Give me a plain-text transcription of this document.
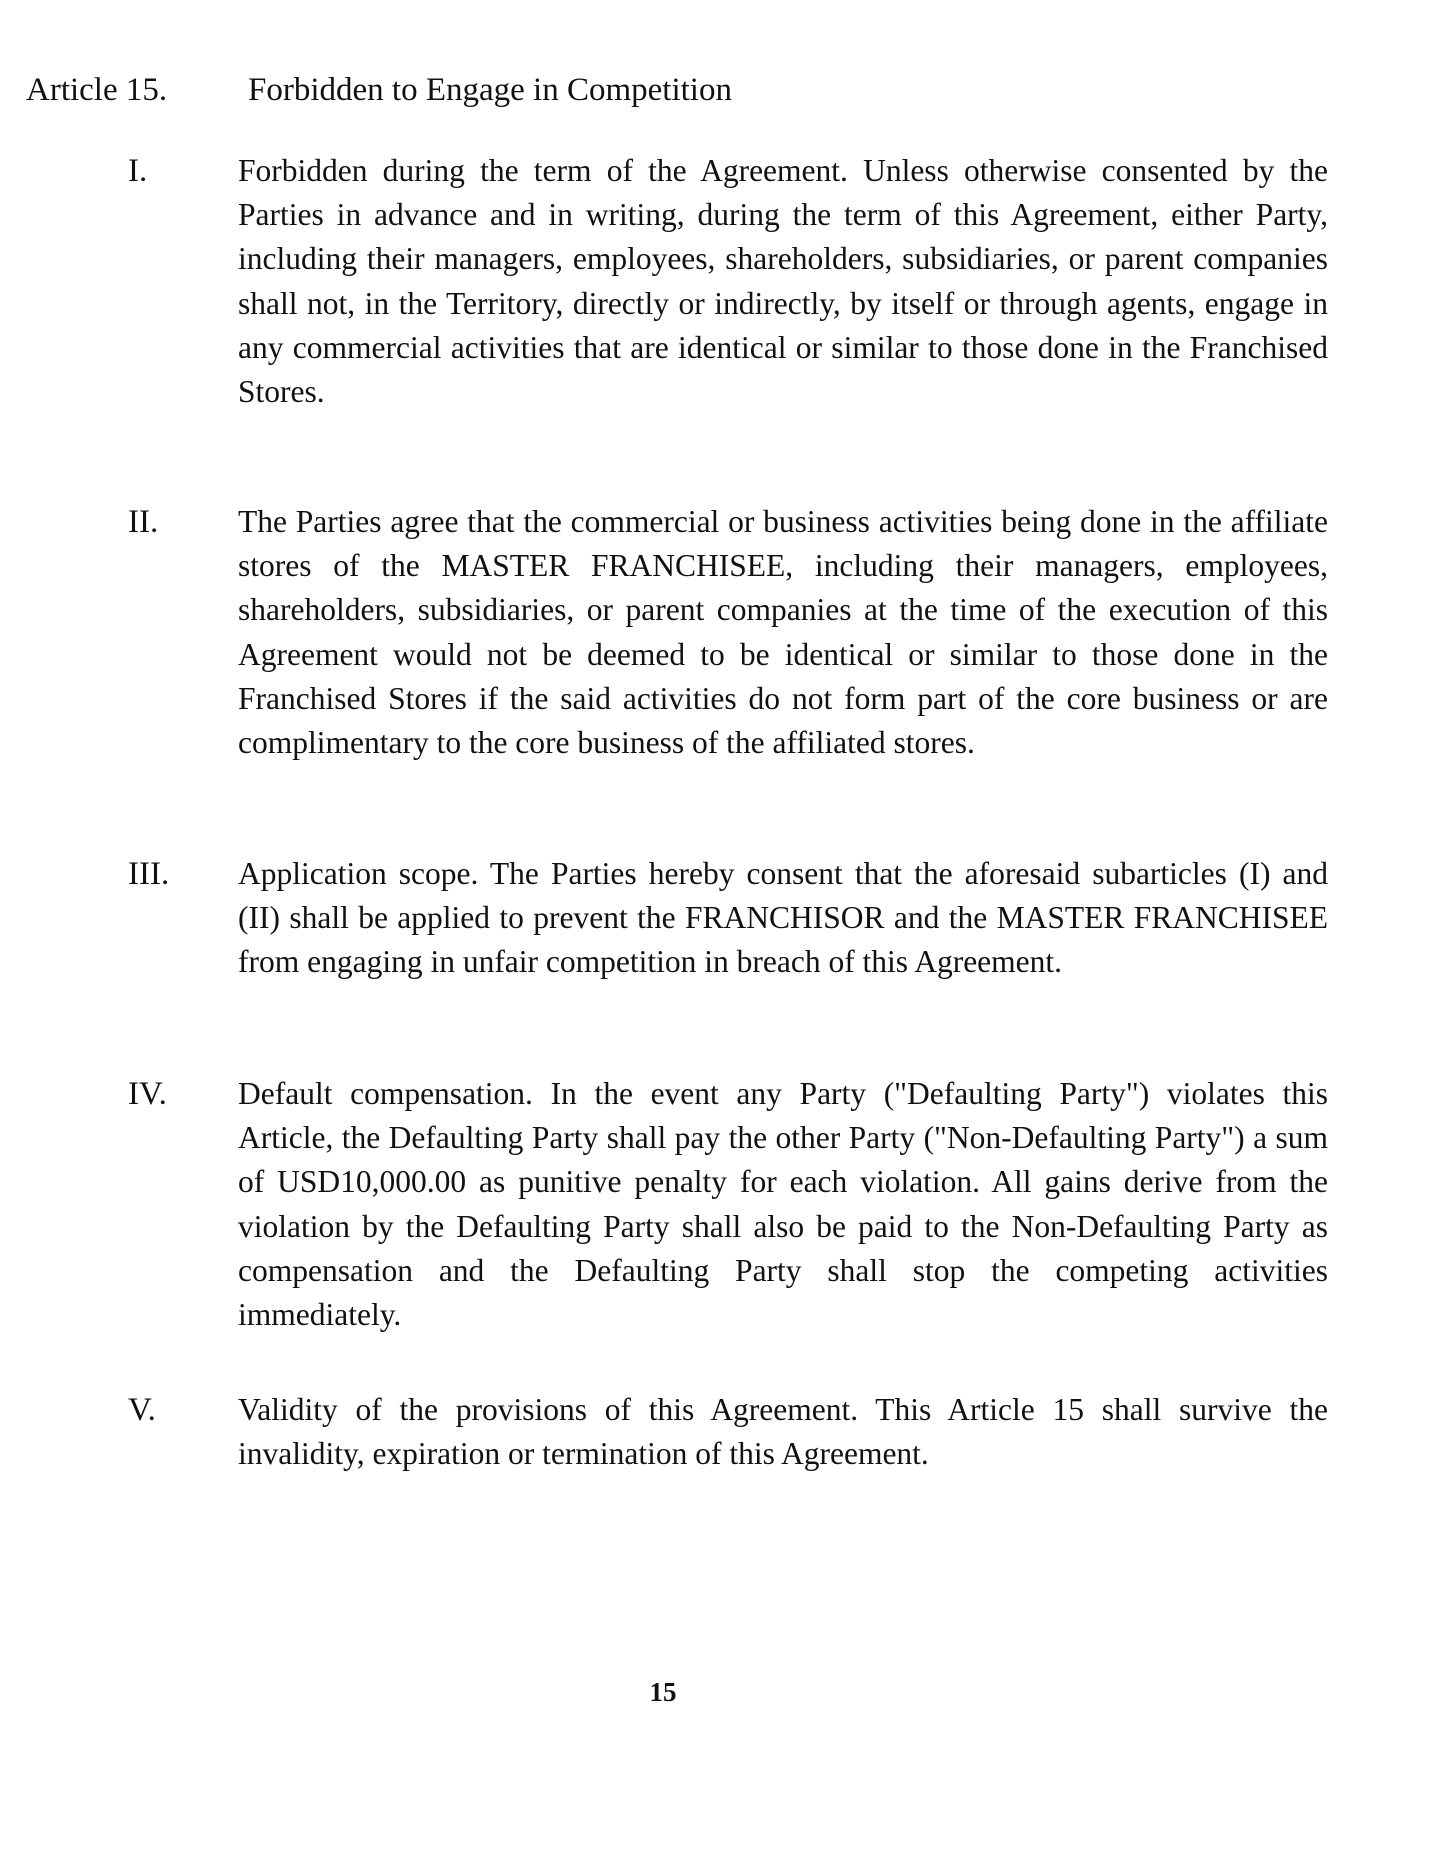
Article 15. Forbidden to Engage in Competition
I.	Forbidden during the term of the Agreement. Unless otherwise consented by the Parties in advance and in writing, during the term of this Agreement, either Party, including their managers, employees, shareholders, subsidiaries, or parent companies shall not, in the Territory, directly or indirectly, by itself or through agents, engage in any commercial activities that are identical or similar to those done in the Franchised Stores.
II.	The Parties agree that the commercial or business activities being done in the affiliate stores of the MASTER FRANCHISEE, including their managers, employees, shareholders, subsidiaries, or parent companies at the time of the execution of this Agreement would not be deemed to be identical or similar to those done in the Franchised Stores if the said activities do not form part of the core business or are complimentary to the core business of the affiliated stores.
III. Application scope. The Parties hereby consent that the aforesaid subarticles (I) and (II) shall be applied to prevent the FRANCHISOR and the MASTER FRANCHISEE from engaging in unfair competition in breach of this Agreement.
IV. Default compensation. In the event any Party ("Defaulting Party") violates this Article, the Defaulting Party shall pay the other Party ("Non-Defaulting Party") a sum of USD10,000.00 as punitive penalty for each violation. All gains derive from the violation by the Defaulting Party shall also be paid to the Non-Defaulting Party as compensation and the Defaulting Party shall stop the competing activities immediately.
V.	Validity of the provisions of this Agreement. This Article 15 shall survive the invalidity, expiration or termination of this Agreement.
15
